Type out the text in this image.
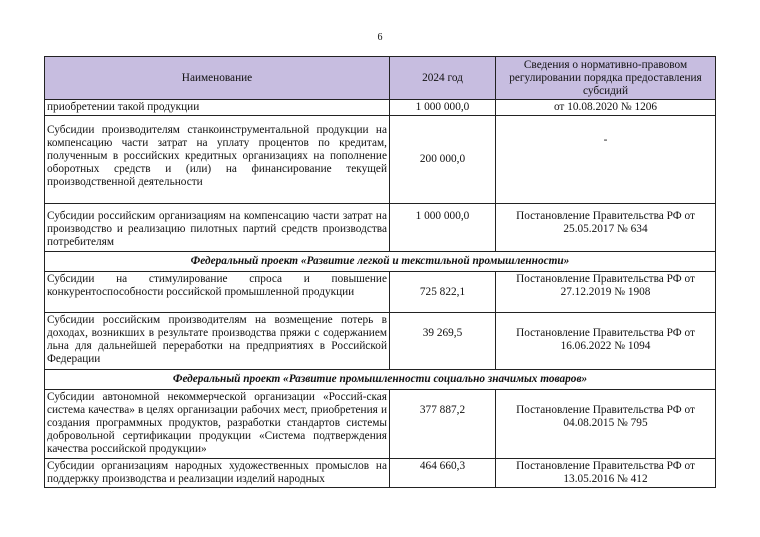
6
Наименование	2024 год	Сведения о нормативно-правовом регулировании порядка предоставления субсидий
приобретении такой продукции	1 000 000,0	от 10.08.2020 № 1206
Субсидии производителям станкоинструментальной продукции на компенсацию части затрат на уплату процентов по кредитам, полученным в российских кредитных организациях на пополнение оборотных средств и (или) на финансирование текущей производственной деятельности	200 000,0	-
Субсидии российским организациям на компенсацию части затрат на производство и реализацию пилотных партий средств производства потребителям	1 000 000,0	Постановление Правительства РФ от 25.05.2017 № 634
Федеральный проект «Развитие легкой и текстильной промышленности»		
Субсидии на стимулирование спроса и повышение конкурентоспособности российской промышленной продукции	725 822,1	Постановление Правительства РФ от 27.12.2019 № 1908
Субсидии российским производителям на возмещение потерь в доходах, возникших в результате производства пряжи с содержанием льна для дальнейшей переработки на предприятиях в Российской Федерации	39 269,5	Постановление Правительства РФ от 16.06.2022 № 1094
Федеральный проект «Развитие промышленности социально значимых товаров»		
Субсидии автономной некоммерческой организации «Россий-ская система качества» в целях организации рабочих мест, приобретения и создания программных продуктов, разработки стандартов системы добровольной сертификации продукции «Система подтверждения качества российской продукции»	377 887,2	Постановление Правительства РФ от 04.08.2015 № 795
Субсидии организациям народных художественных промыслов на поддержку производства и реализации изделий народных	464 660,3	Постановление Правительства РФ от 13.05.2016 № 412
